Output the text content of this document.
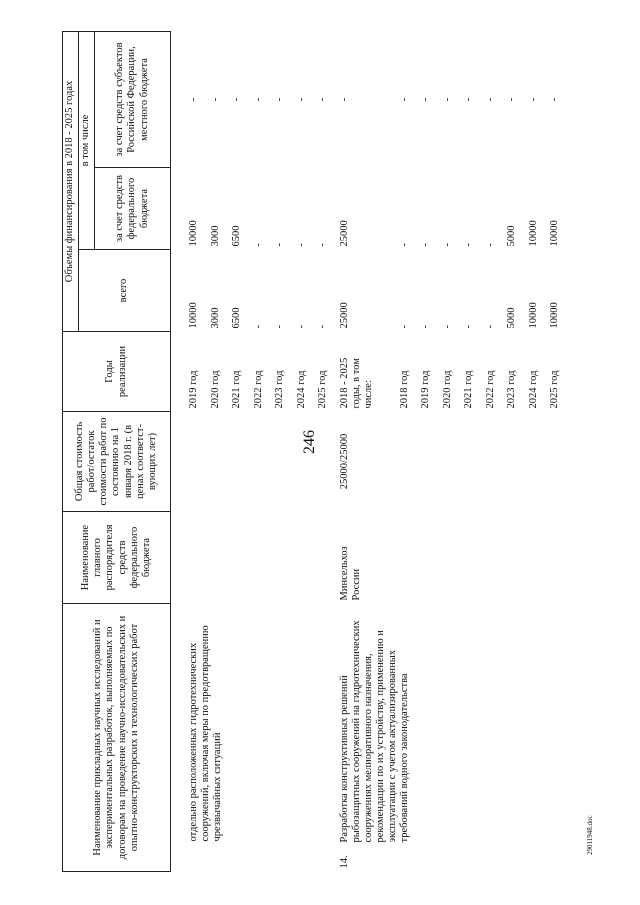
246
29011948.doc
Наименование прикладных научных исследований и экспериментальных разработок, выполняемых по договорам на проведение научно-исследовательских и опытно-конструкторских и технологических работ	Наименование главного распорядителя средств федерального бюджета	Общая стоимость работ/остаток стоимости работ по состоянию на 1 января 2018 г. (в ценах соответст- вующих лет)	Годы реализации	Объемы финансирования в 2018 - 2025 годах		
				всего	в том числе	
					за счет средств федерального бюджета	за счет средств субъектов Российской Федерации, местного бюджета

отдельно расположенных гидротехнических сооружений, включая меры по предотвращению чрезвычайных ситуаций			2019 год	10000	10000	-
			2020 год	3000	3000	-
			2021 год	6500	6500	-
			2022 год	-	-	-
			2023 год	-	-	-
			2024 год	-	-	-
			2025 год	-	-	-

14.
Разработка конструктивных решений рыбозащитных сооружений на гидротехнических сооружениях мелиоративного назначения, рекомендации по их устройству, применению и эксплуатации с учетом актуализированных требований водного законодательства	Минсельхоз России	25000/25000	2018 - 2025 годы, в том числе:	25000	25000	-
			2018 год	-	-	-
			2019 год	-	-	-
			2020 год	-	-	-
			2021 год	-	-	-
			2022 год	-	-	-
			2023 год	5000	5000	-
			2024 год	10000	10000	-
			2025 год	10000	10000	-
